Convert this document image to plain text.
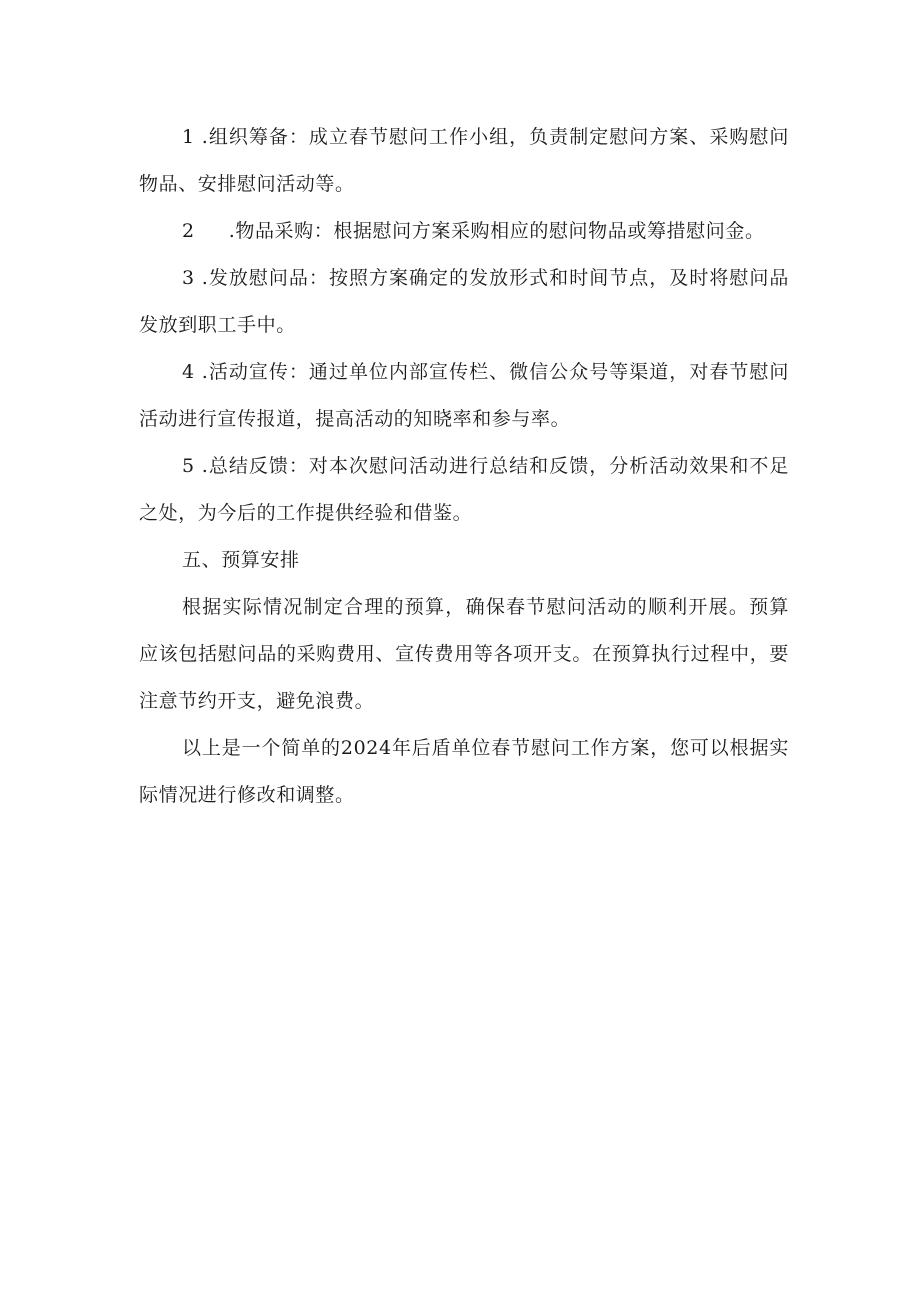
1 .组织筹备：成立春节慰问工作小组，负责制定慰问方案、采购慰问物品、安排慰问活动等。

2 .物品采购：根据慰问方案采购相应的慰问物品或筹措慰问金。

3 .发放慰问品：按照方案确定的发放形式和时间节点，及时将慰问品发放到职工手中。

4 .活动宣传：通过单位内部宣传栏、微信公众号等渠道，对春节慰问活动进行宣传报道，提高活动的知晓率和参与率。

5 .总结反馈：对本次慰问活动进行总结和反馈，分析活动效果和不足之处，为今后的工作提供经验和借鉴。

五、预算安排

根据实际情况制定合理的预算，确保春节慰问活动的顺利开展。预算应该包括慰问品的采购费用、宣传费用等各项开支。在预算执行过程中，要注意节约开支，避免浪费。

以上是一个简单的2024年后盾单位春节慰问工作方案，您可以根据实际情况进行修改和调整。
